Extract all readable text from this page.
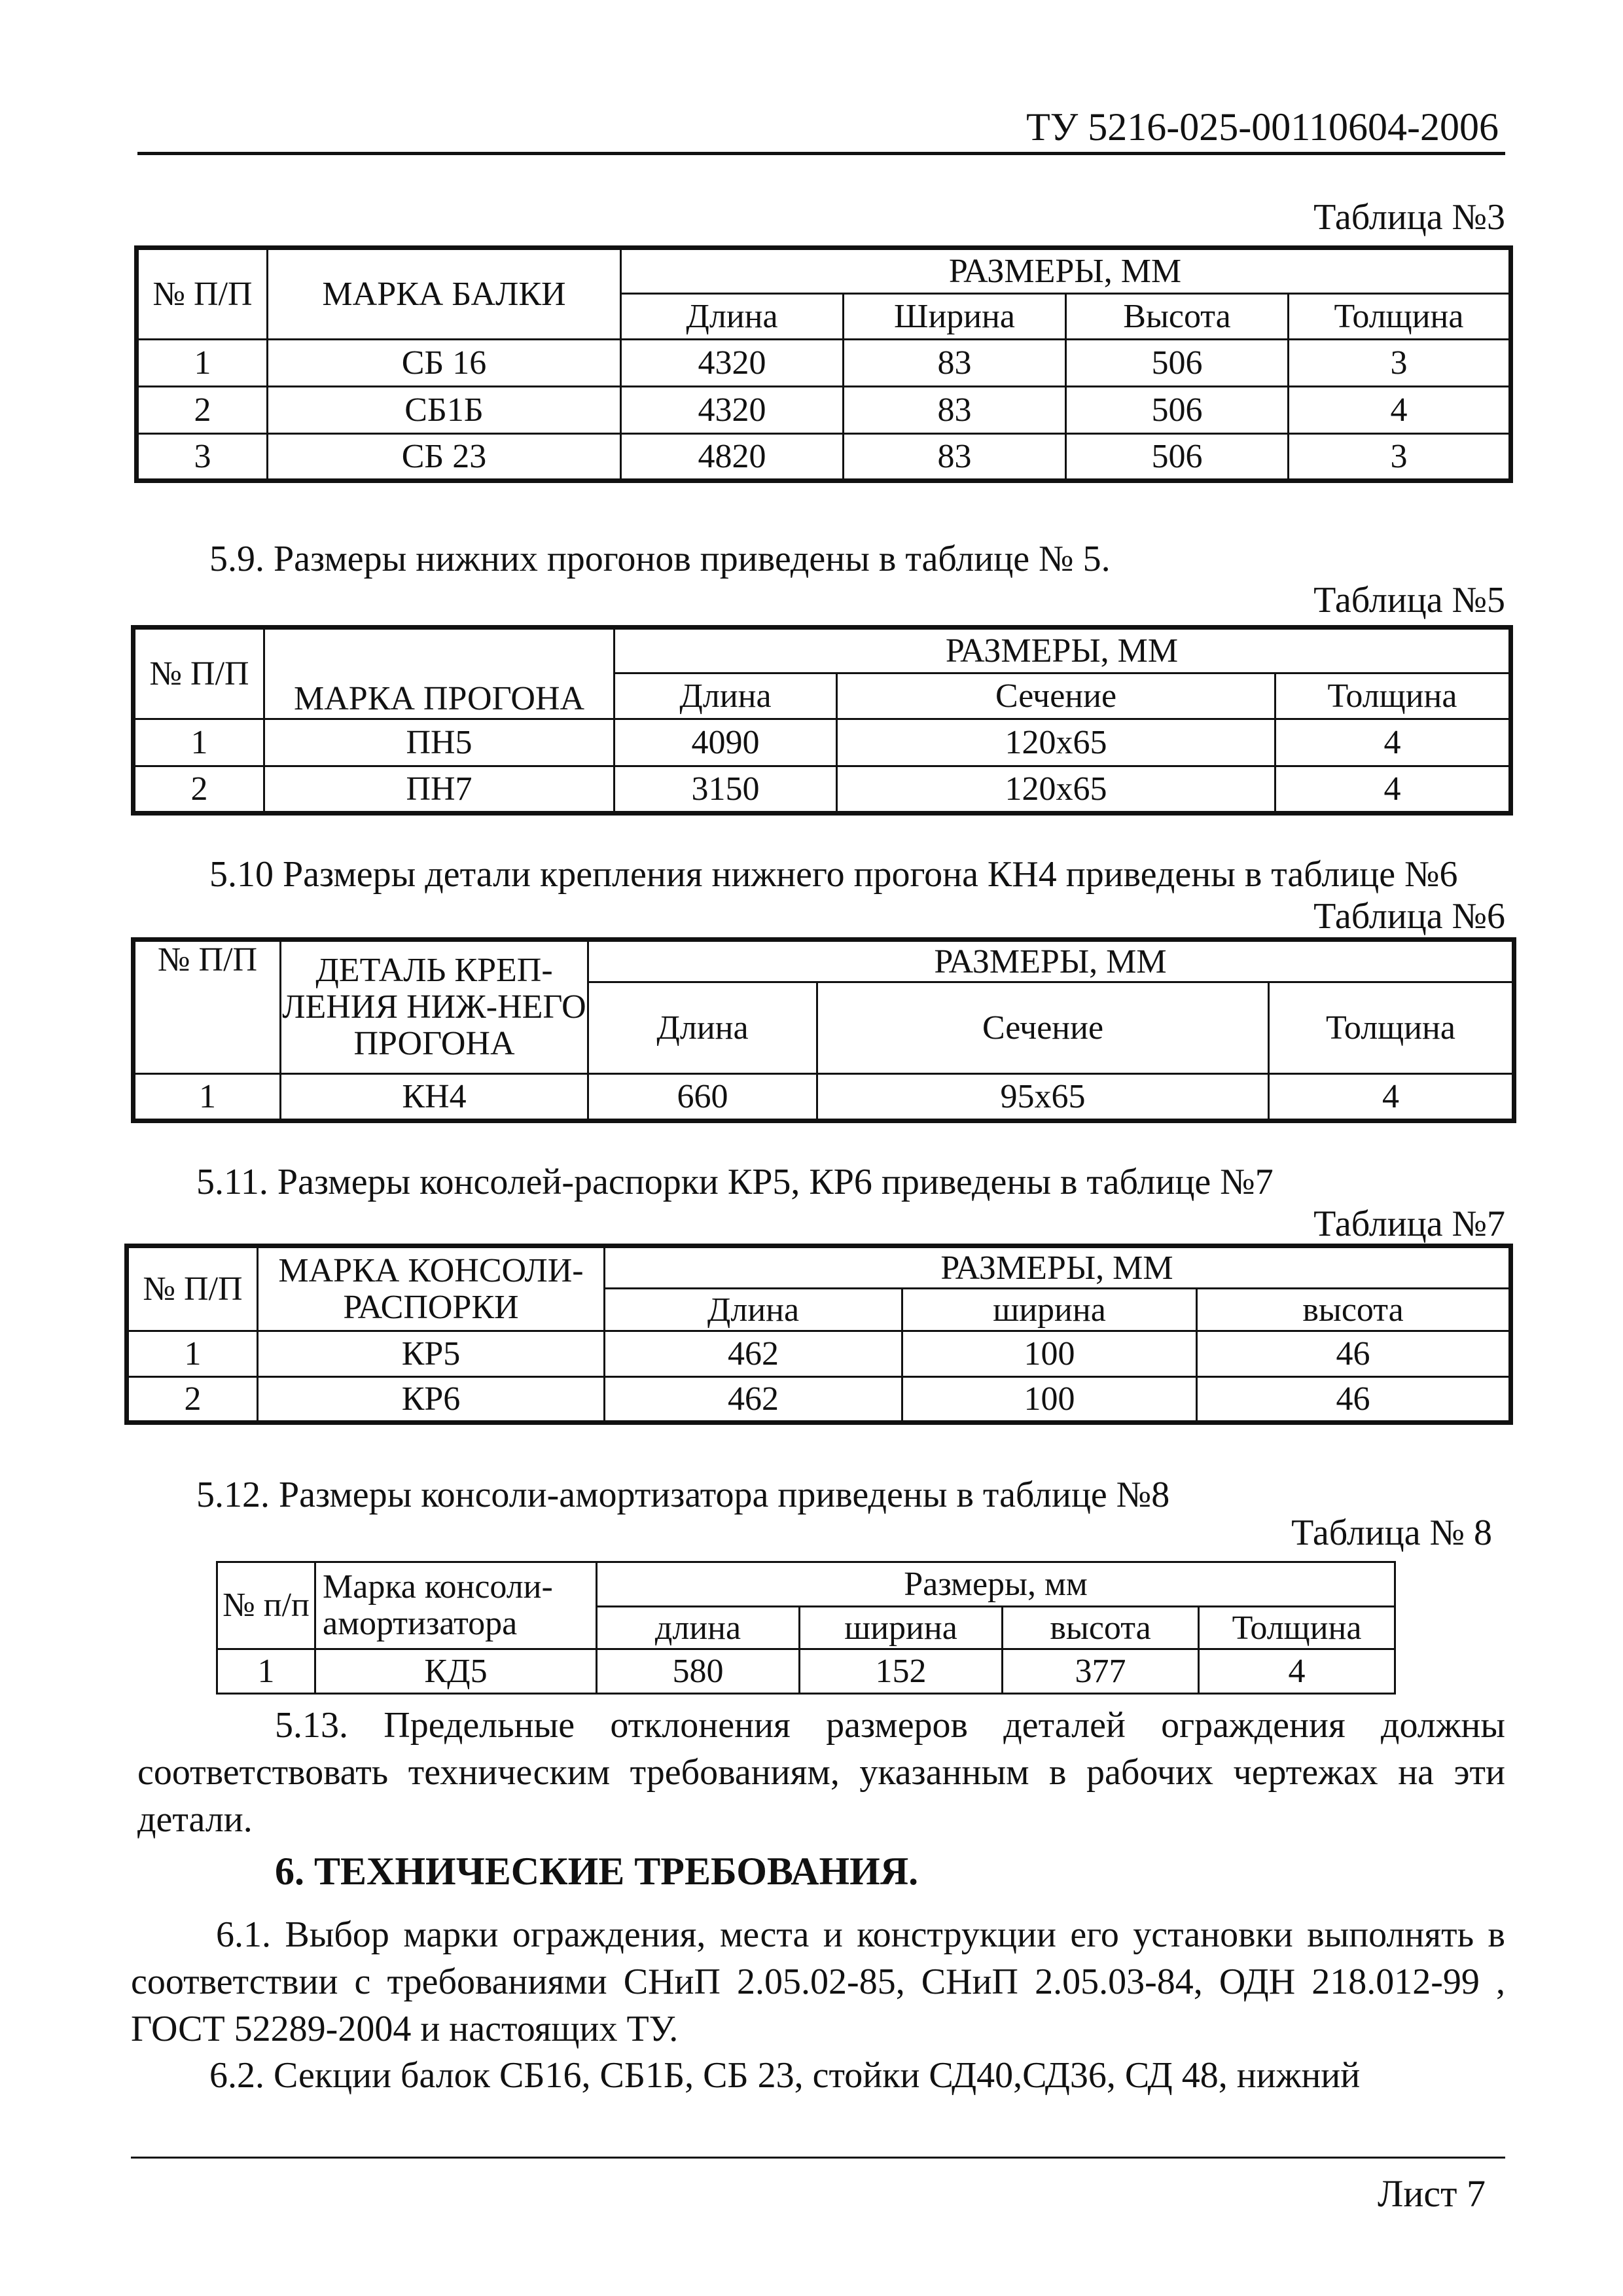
ТУ 5216-025-00110604-2006
Таблица №3
№ П/П	МАРКА БАЛКИ	РАЗМЕРЫ, ММ			
		Длина	Ширина	Высота	Толщина
1	СБ 16	4320	83	506	3
2	СБ1Б	4320	83	506	4
3	СБ 23	4820	83	506	3
5.9. Размеры нижних прогонов приведены в таблице № 5.
Таблица №5
№ П/П	МАРКА ПРОГОНА	РАЗМЕРЫ, ММ		
		Длина	Сечение	Толщина
1	ПН5	4090	120х65	4
2	ПН7	3150	120х65	4
5.10 Размеры детали крепления нижнего прогона КН4 приведены в таблице №6
Таблица №6
№ П/П	ДЕТАЛЬ КРЕП-ЛЕНИЯ НИЖ-НЕГО ПРОГОНА	РАЗМЕРЫ, ММ		
		Длина	Сечение	Толщина
1	КН4	660	95х65	4
5.11. Размеры консолей-распорки КР5, КР6 приведены в таблице №7
Таблица №7
№ П/П	МАРКА КОНСОЛИ-РАСПОРКИ	РАЗМЕРЫ, ММ		
		Длина	ширина	высота
1	КР5	462	100	46
2	КР6	462	100	46
5.12. Размеры консоли-амортизатора приведены в таблице №8
Таблица № 8
№ п/п	Марка консоли-амортизатора	Размеры, мм			
		длина	ширина	высота	Толщина
1	КД5	580	152	377	4
5.13. Предельные отклонения размеров деталей ограждения должны соответствовать техническим требованиям, указанным в рабочих чертежах на эти детали.
6. ТЕХНИЧЕСКИЕ ТРЕБОВАНИЯ.
6.1. Выбор марки ограждения, места и конструкции его установки выполнять в соответствии с требованиями СНиП 2.05.02-85, СНиП 2.05.03-84, ОДН 218.012-99 , ГОСТ 52289-2004 и настоящих ТУ.
6.2. Секции балок СБ16, СБ1Б, СБ 23, стойки СД40,СД36, СД 48, нижний
Лист 7
